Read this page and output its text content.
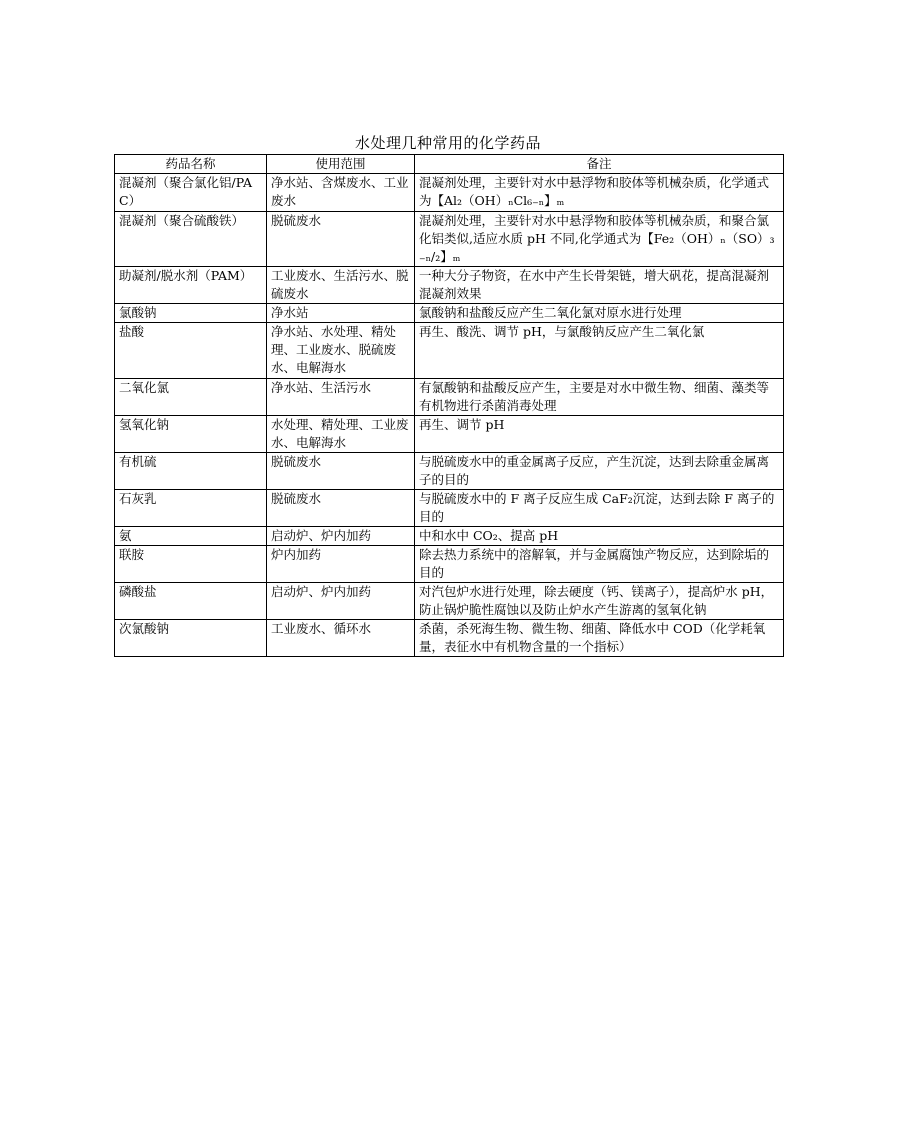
水处理几种常用的化学药品
药品名称	使用范围	备注
混凝剂（聚合氯化铝/PAC）	净水站、含煤废水、工业废水	混凝剂处理，主要针对水中悬浮物和胶体等机械杂质，化学通式为【Al₂（OH）ₙCl₆₋ₙ】ₘ
混凝剂（聚合硫酸铁）	脱硫废水	混凝剂处理，主要针对水中悬浮物和胶体等机械杂质，和聚合氯化铝类似,适应水质 pH 不同,化学通式为【Fe₂（OH）ₙ（SO）₃₋ₙ/₂】ₘ
助凝剂/脱水剂（PAM）	工业废水、生活污水、脱硫废水	一种大分子物资，在水中产生长骨架链，增大矾花，提高混凝剂混凝剂效果
氯酸钠	净水站	氯酸钠和盐酸反应产生二氧化氯对原水进行处理
盐酸	净水站、水处理、精处理、工业废水、脱硫废水、电解海水	再生、酸洗、调节 pH，与氯酸钠反应产生二氧化氯
二氧化氯	净水站、生活污水	有氯酸钠和盐酸反应产生，主要是对水中微生物、细菌、藻类等有机物进行杀菌消毒处理
氢氧化钠	水处理、精处理、工业废水、电解海水	再生、调节 pH
有机硫	脱硫废水	与脱硫废水中的重金属离子反应，产生沉淀，达到去除重金属离子的目的
石灰乳	脱硫废水	与脱硫废水中的 F 离子反应生成 CaF₂沉淀，达到去除 F 离子的目的
氨	启动炉、炉内加药	中和水中 CO₂、提高 pH
联胺	炉内加药	除去热力系统中的溶解氧，并与金属腐蚀产物反应，达到除垢的目的
磷酸盐	启动炉、炉内加药	对汽包炉水进行处理，除去硬度（钙、镁离子），提高炉水 pH，防止锅炉脆性腐蚀以及防止炉水产生游离的氢氧化钠
次氯酸钠	工业废水、循环水	杀菌，杀死海生物、微生物、细菌、降低水中 COD（化学耗氧量，表征水中有机物含量的一个指标）
